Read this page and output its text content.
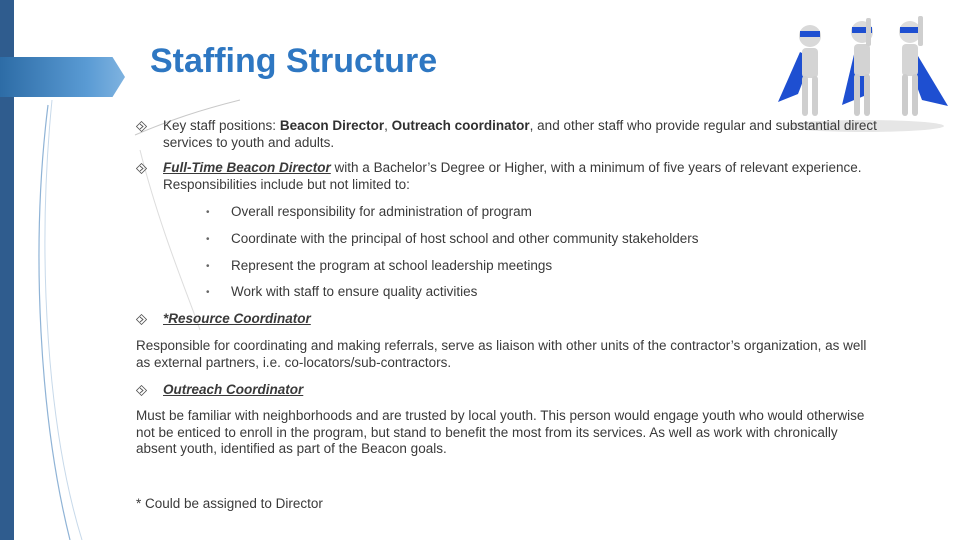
Staffing Structure
Key staff positions: Beacon Director, Outreach coordinator, and other staff who provide regular and substantial direct services to youth and adults.
Full-Time Beacon Director with a Bachelor’s Degree or Higher, with a minimum of five years of relevant experience. Responsibilities include but not limited to:
• Overall responsibility for administration of program
• Coordinate with the principal of host school and other community stakeholders
• Represent the program at school leadership meetings
• Work with staff to ensure quality activities
*Resource Coordinator
Responsible for coordinating and making referrals, serve as liaison with other units of the contractor’s organization, as well as external partners, i.e. co-locators/sub-contractors.
Outreach Coordinator
Must be familiar with neighborhoods and are trusted by local youth. This person would engage youth who would otherwise not be enticed to enroll in the program, but stand to benefit the most from its services. As well as work with chronically absent youth, identified as part of the Beacon goals.
* Could be assigned to Director
